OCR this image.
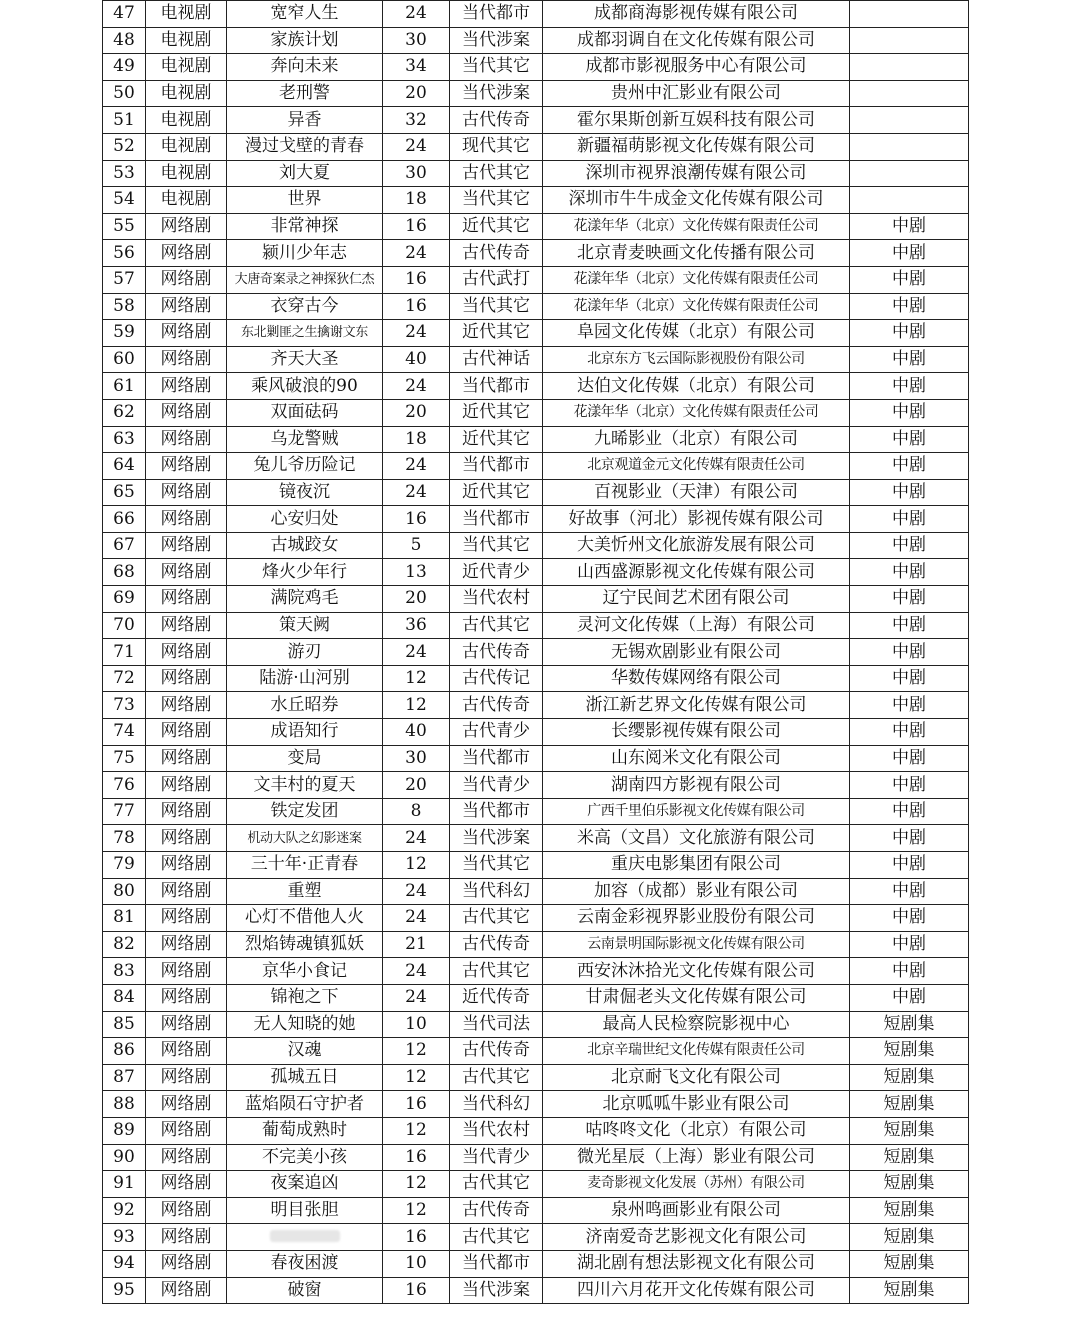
47	电视剧	宽窄人生	24	当代都市	成都商海影视传媒有限公司	
48	电视剧	家族计划	30	当代涉案	成都羽调自在文化传媒有限公司	
49	电视剧	奔向未来	34	当代其它	成都市影视服务中心有限公司	
50	电视剧	老刑警	20	当代涉案	贵州中汇影业有限公司	
51	电视剧	异香	32	古代传奇	霍尔果斯创新互娱科技有限公司	
52	电视剧	漫过戈壁的青春	24	现代其它	新疆福萌影视文化传媒有限公司	
53	电视剧	刘大夏	30	古代其它	深圳市视界浪潮传媒有限公司	
54	电视剧	世界	18	当代其它	深圳市牛牛成金文化传媒有限公司	
55	网络剧	非常神探	16	近代其它	花漾年华（北京）文化传媒有限责任公司	中剧
56	网络剧	颍川少年志	24	古代传奇	北京青麦映画文化传播有限公司	中剧
57	网络剧	大唐奇案录之神探狄仁杰	16	古代武打	花漾年华（北京）文化传媒有限责任公司	中剧
58	网络剧	衣穿古今	16	当代其它	花漾年华（北京）文化传媒有限责任公司	中剧
59	网络剧	东北剿匪之生擒谢文东	24	近代其它	阜园文化传媒（北京）有限公司	中剧
60	网络剧	齐天大圣	40	古代神话	北京东方飞云国际影视股份有限公司	中剧
61	网络剧	乘风破浪的90	24	当代都市	达伯文化传媒（北京）有限公司	中剧
62	网络剧	双面砝码	20	近代其它	花漾年华（北京）文化传媒有限责任公司	中剧
63	网络剧	乌龙警贼	18	近代其它	九晞影业（北京）有限公司	中剧
64	网络剧	兔儿爷历险记	24	当代都市	北京观道金元文化传媒有限责任公司	中剧
65	网络剧	镜夜沉	24	近代其它	百视影业（天津）有限公司	中剧
66	网络剧	心安归处	16	当代都市	好故事（河北）影视传媒有限公司	中剧
67	网络剧	古城跤女	5	当代其它	大美忻州文化旅游发展有限公司	中剧
68	网络剧	烽火少年行	13	近代青少	山西盛源影视文化传媒有限公司	中剧
69	网络剧	满院鸡毛	20	当代农村	辽宁民间艺术团有限公司	中剧
70	网络剧	策天阙	36	古代其它	灵河文化传媒（上海）有限公司	中剧
71	网络剧	游刃	24	古代传奇	无锡欢剧影业有限公司	中剧
72	网络剧	陆游·山河别	12	古代传记	华数传媒网络有限公司	中剧
73	网络剧	水丘昭券	12	古代传奇	浙江新艺界文化传媒有限公司	中剧
74	网络剧	成语知行	40	古代青少	长缨影视传媒有限公司	中剧
75	网络剧	变局	30	当代都市	山东阅米文化有限公司	中剧
76	网络剧	文丰村的夏天	20	当代青少	湖南四方影视有限公司	中剧
77	网络剧	铁定发团	8	当代都市	广西千里伯乐影视文化传媒有限公司	中剧
78	网络剧	机动大队之幻影迷案	24	当代涉案	米高（文昌）文化旅游有限公司	中剧
79	网络剧	三十年·正青春	12	当代其它	重庆电影集团有限公司	中剧
80	网络剧	重塑	24	当代科幻	加容（成都）影业有限公司	中剧
81	网络剧	心灯不借他人火	24	古代其它	云南金彩视界影业股份有限公司	中剧
82	网络剧	烈焰铸魂镇狐妖	21	古代传奇	云南景明国际影视文化传媒有限公司	中剧
83	网络剧	京华小食记	24	古代其它	西安沐沐拾光文化传媒有限公司	中剧
84	网络剧	锦袍之下	24	近代传奇	甘肃倔老头文化传媒有限公司	中剧
85	网络剧	无人知晓的她	10	当代司法	最高人民检察院影视中心	短剧集
86	网络剧	汉魂	12	古代传奇	北京辛瑞世纪文化传媒有限责任公司	短剧集
87	网络剧	孤城五日	12	古代其它	北京耐飞文化有限公司	短剧集
88	网络剧	蓝焰陨石守护者	16	当代科幻	北京呱呱牛影业有限公司	短剧集
89	网络剧	葡萄成熟时	12	当代农村	咕咚咚文化（北京）有限公司	短剧集
90	网络剧	不完美小孩	16	当代青少	微光星辰（上海）影业有限公司	短剧集
91	网络剧	夜案追凶	12	古代其它	麦奇影视文化发展（苏州）有限公司	短剧集
92	网络剧	明目张胆	12	古代传奇	泉州鸣画影业有限公司	短剧集
93	网络剧		16	古代其它	济南爱奇艺影视文化有限公司	短剧集
94	网络剧	春夜困渡	10	当代都市	湖北剧有想法影视文化有限公司	短剧集
95	网络剧	破窗	16	当代涉案	四川六月花开文化传媒有限公司	短剧集
